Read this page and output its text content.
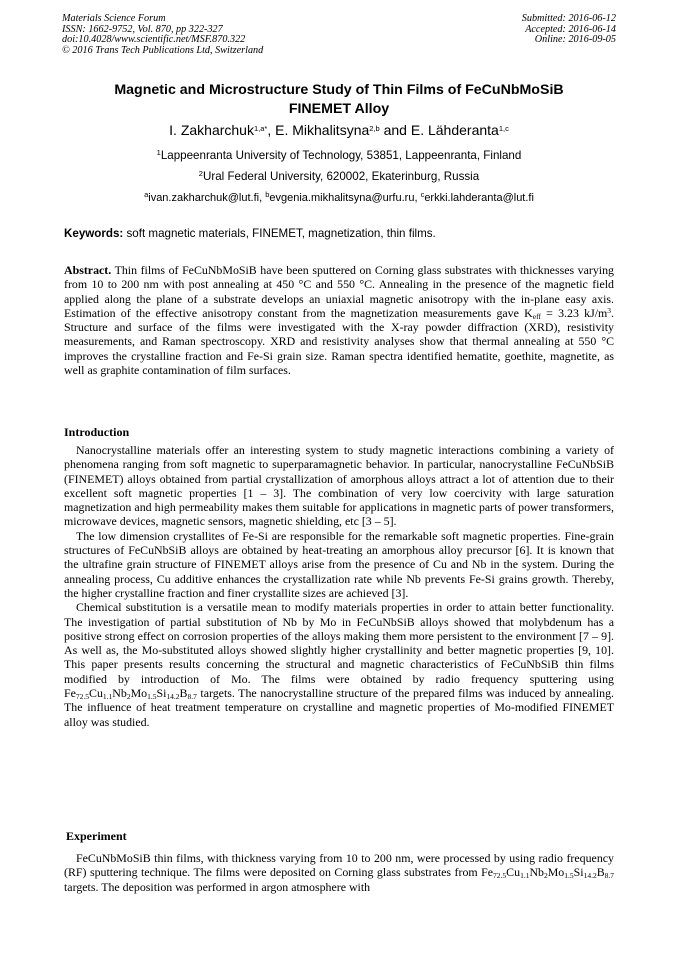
Materials Science Forum
ISSN: 1662-9752, Vol. 870, pp 322-327
doi:10.4028/www.scientific.net/MSF.870.322
© 2016 Trans Tech Publications Ltd, Switzerland
Submitted: 2016-06-12
Accepted: 2016-06-14
Online: 2016-09-05
Magnetic and Microstructure Study of Thin Films of FeCuNbMoSiB
FINEMET Alloy
I. Zakharchuk$^{1,a*}$, E. Mikhalitsyna$^{2,b}$ and E. Lähderanta$^{1,c}$
$^1$Lappeenranta University of Technology, 53851, Lappeenranta, Finland
$^2$Ural Federal University, 620002, Ekaterinburg, Russia
$^a$ivan.zakharchuk@lut.fi, $^b$evgenia.mikhalitsyna@urfu.ru, $^c$erkki.lahderanta@lut.fi
Keywords: soft magnetic materials, FINEMET, magnetization, thin films.

Abstract. Thin films of FeCuNbMoSiB have been sputtered on Corning glass substrates with thicknesses varying from 10 to 200 nm with post annealing at 450 °C and 550 °C. Annealing in the presence of the magnetic field applied along the plane of a substrate develops an uniaxial magnetic anisotropy with the in-plane easy axis. Estimation of the effective anisotropy constant from the magnetization measurements gave $K_{eff} = 3.23$ $kJ/m^3$. Structure and surface of the films were investigated with the X-ray powder diffraction (XRD), resistivity measurements, and Raman spectroscopy. XRD and resistivity analyses show that thermal annealing at 550 °C improves the crystalline fraction and Fe-Si grain size. Raman spectra identified hematite, goethite, magnetite, as well as graphite contamination of film surfaces.

Introduction

Nanocrystalline materials offer an interesting system to study magnetic interactions combining a variety of phenomena ranging from soft magnetic to superparamagnetic behavior. In particular, nanocrystalline FeCuNbSiB (FINEMET) alloys obtained from partial crystallization of amorphous alloys attract a lot of attention due to their excellent soft magnetic properties [1 – 3]. The combination of very low coercivity with large saturation magnetization and high permeability makes them suitable for applications in magnetic parts of power transformers, microwave devices, magnetic sensors, magnetic shielding, etc [3 – 5].

The low dimension crystallites of Fe-Si are responsible for the remarkable soft magnetic properties. Fine-grain structures of FeCuNbSiB alloys are obtained by heat-treating an amorphous alloy precursor [6]. It is known that the ultrafine grain structure of FINEMET alloys arise from the presence of Cu and Nb in the system. During the annealing process, Cu additive enhances the crystallization rate while Nb prevents Fe-Si grains growth. Thereby, the higher crystalline fraction and finer crystallite sizes are achieved [3].

Chemical substitution is a versatile mean to modify materials properties in order to attain better functionality. The investigation of partial substitution of Nb by Mo in FeCuNbSiB alloys showed that molybdenum has a positive strong effect on corrosion properties of the alloys making them more persistent to the environment [7 – 9]. As well as, the Mo-substituted alloys showed slightly higher crystallinity and better magnetic properties [9, 10]. This paper presents results concerning the structural and magnetic characteristics of FeCuNbSiB thin films modified by introduction of Mo. The films were obtained by radio frequency sputtering using $Fe_{72.5}Cu_{1.1}Nb_2Mo_{1.5}Si_{14.2}B_{8.7}$ targets. The nanocrystalline structure of the prepared films was induced by annealing. The influence of heat treatment temperature on crystalline and magnetic properties of Mo-modified FINEMET alloy was studied.

Experiment

FeCuNbMoSiB thin films, with thickness varying from 10 to 200 nm, were processed by using radio frequency (RF) sputtering technique. The films were deposited on Corning glass substrates from $Fe_{72.5}Cu_{1.1}Nb_2Mo_{1.5}Si_{14.2}B_{8.7}$ targets. The deposition was performed in argon atmosphere with
